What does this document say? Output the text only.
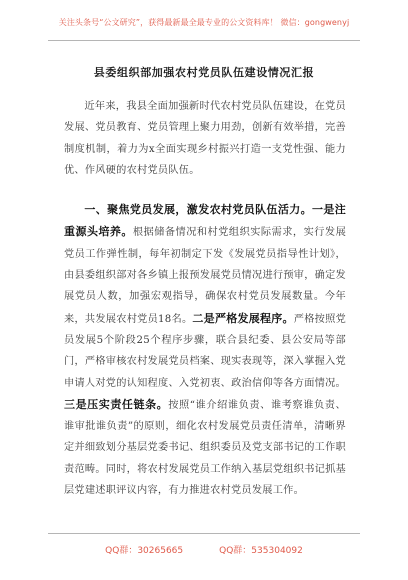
关注头条号“公文研究”，获得最新最全最专业的公文资料库！ 微信：gongwenyj
县委组织部加强农村党员队伍建设情况汇报

近年来，我县全面加强新时代农村党员队伍建设，在党员发展、党员教育、党员管理上聚力用劲，创新有效举措，完善制度机制，着力为x全面实现乡村振兴打造一支党性强、能力优、作风硬的农村党员队伍。

一、聚焦党员发展，激发农村党员队伍活力。一是注重源头培养。根据储备情况和村党组织实际需求，实行发展党员工作弹性制，每年初制定下发《发展党员指导性计划》，由县委组织部对各乡镇上报预发展党员情况进行预审，确定发展党员人数，加强宏观指导，确保农村党员发展数量。今年来，共发展农村党员18名。二是严格发展程序。严格按照党员发展5个阶段25个程序步骤，联合县纪委、县公安局等部门，严格审核农村发展党员档案、现实表现等，深入掌握入党申请人对党的认知程度、入党初衷、政治信仰等各方面情况。三是压实责任链条。按照“谁介绍谁负责、谁考察谁负责、谁审批谁负责”的原则，细化农村发展党员责任清单，清晰界定并细致划分基层党委书记、组织委员及党支部书记的工作职责范畴。同时，将农村发展党员工作纳入基层党组织书记抓基层党建述职评议内容，有力推进农村党员发展工作。

QQ群：30265665	QQ群：535304092
